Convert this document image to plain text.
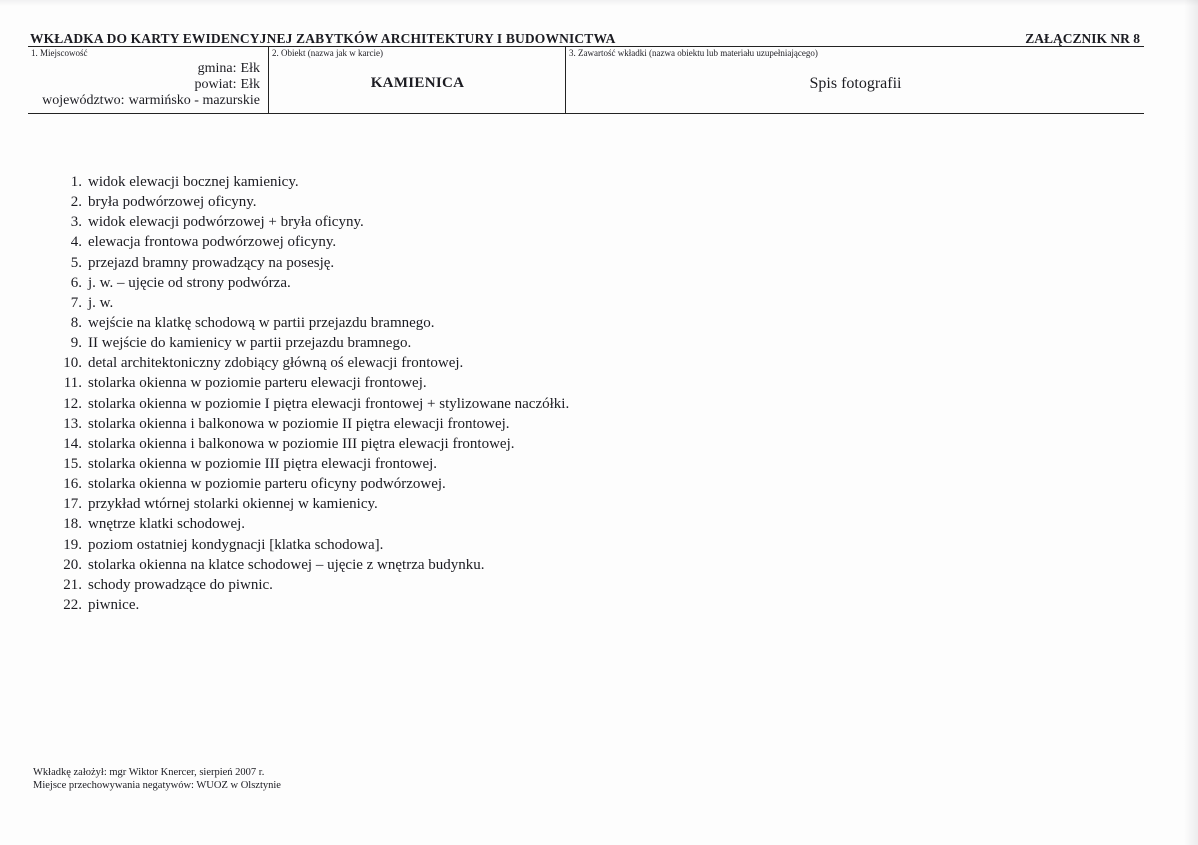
WKŁADKA DO KARTY EWIDENCYJNEJ ZABYTKÓW ARCHITEKTURY I BUDOWNICTWA	ZAŁĄCZNIK NR 8
1. Miejscowość
gmina: Ełk
powiat: Ełk
województwo: warmińsko - mazurskie
2. Obiekt (nazwa jak w karcie)
KAMIENICA
3. Zawartość wkładki (nazwa obiektu lub materiału uzupełniającego)
Spis fotografii
1. widok elewacji bocznej kamienicy.
2. bryła podwórzowej oficyny.
3. widok elewacji podwórzowej + bryła oficyny.
4. elewacja frontowa podwórzowej oficyny.
5. przejazd bramny prowadzący na posesję.
6. j. w. – ujęcie od strony podwórza.
7. j. w.
8. wejście na klatkę schodową w partii przejazdu bramnego.
9. II wejście do kamienicy w partii przejazdu bramnego.
10. detal architektoniczny zdobiący główną oś elewacji frontowej.
11. stolarka okienna w poziomie parteru elewacji frontowej.
12. stolarka okienna w poziomie I piętra elewacji frontowej + stylizowane naczółki.
13. stolarka okienna i balkonowa w poziomie II piętra elewacji frontowej.
14. stolarka okienna i balkonowa w poziomie III piętra elewacji frontowej.
15. stolarka okienna w poziomie III piętra elewacji frontowej.
16. stolarka okienna w poziomie parteru oficyny podwórzowej.
17. przykład wtórnej stolarki okiennej w kamienicy.
18. wnętrze klatki schodowej.
19. poziom ostatniej kondygnacji [klatka schodowa].
20. stolarka okienna na klatce schodowej – ujęcie z wnętrza budynku.
21. schody prowadzące do piwnic.
22. piwnice.
Wkładkę założył: mgr Wiktor Knercer, sierpień 2007 r.
Miejsce przechowywania negatywów: WUOZ w Olsztynie
